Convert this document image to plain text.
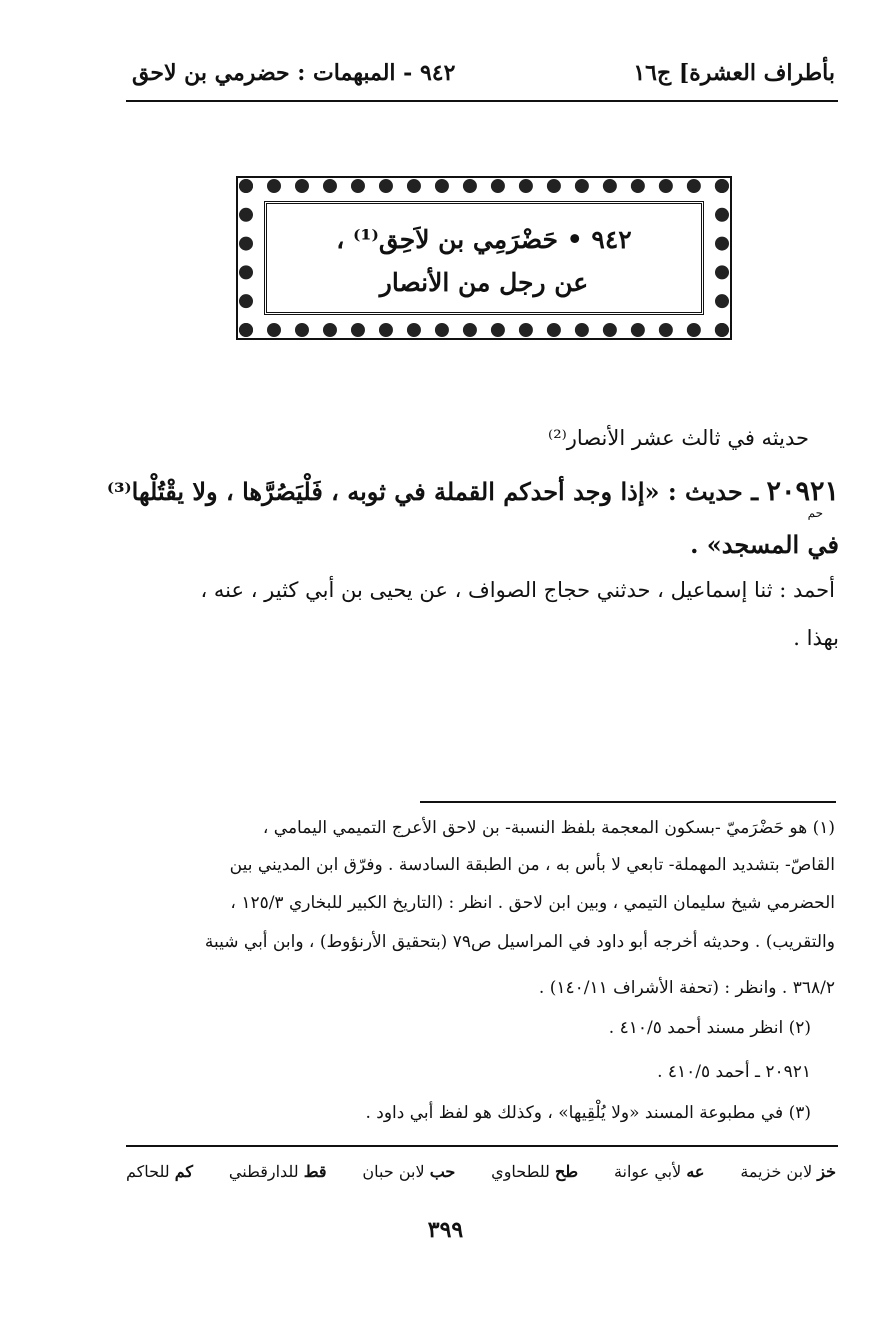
بأطراف العشرة] ج١٦
٩٤٢ - المبهمات : حضرمي بن لاحق
٩٤٢ • حَضْرَمِي بن لاَحِق⁽¹⁾ ،
عن رجل من الأنصار
حديثه في ثالث عشر الأنصار⁽²⁾
٢٠٩٢١ ـ حديث : «إذا وجد أحدكم القملة في ثوبه ، فَلْيَصُرَّها ، ولا يقْتُلْها⁽³⁾
حم
في المسجد» .
أحمد : ثنا إسماعيل ، حدثني حجاج الصواف ، عن يحيى بن أبي كثير ، عنه ،
بهذا .
(١) هو حَضْرَميّ -بسكون المعجمة بلفظ النسبة- بن لاحق الأعرج التميمي اليمامي ،
القاصّ- بتشديد المهملة- تابعي لا بأس به ، من الطبقة السادسة . وفرّق ابن المديني بين
الحضرمي شيخ سليمان التيمي ، وبين ابن لاحق . انظر : (التاريخ الكبير للبخاري ١٢٥/٣ ،
والتقريب) . وحديثه أخرجه أبو داود في المراسيل ص٧٩ (بتحقيق الأرنؤوط) ، وابن أبي شيبة
٣٦٨/٢ . وانظر : (تحفة الأشراف ١٤٠/١١) .
(٢) انظر مسند أحمد ٤١٠/٥ .
٢٠٩٢١ ـ أحمد ٤١٠/٥ .
(٣) في مطبوعة المسند «ولا يُلْقِيها» ، وكذلك هو لفظ أبي داود .
خز لابن خزيمة
عه لأبي عوانة
طح للطحاوي
حب لابن حبان
قط للدارقطني
كم للحاكم
٣٩٩
